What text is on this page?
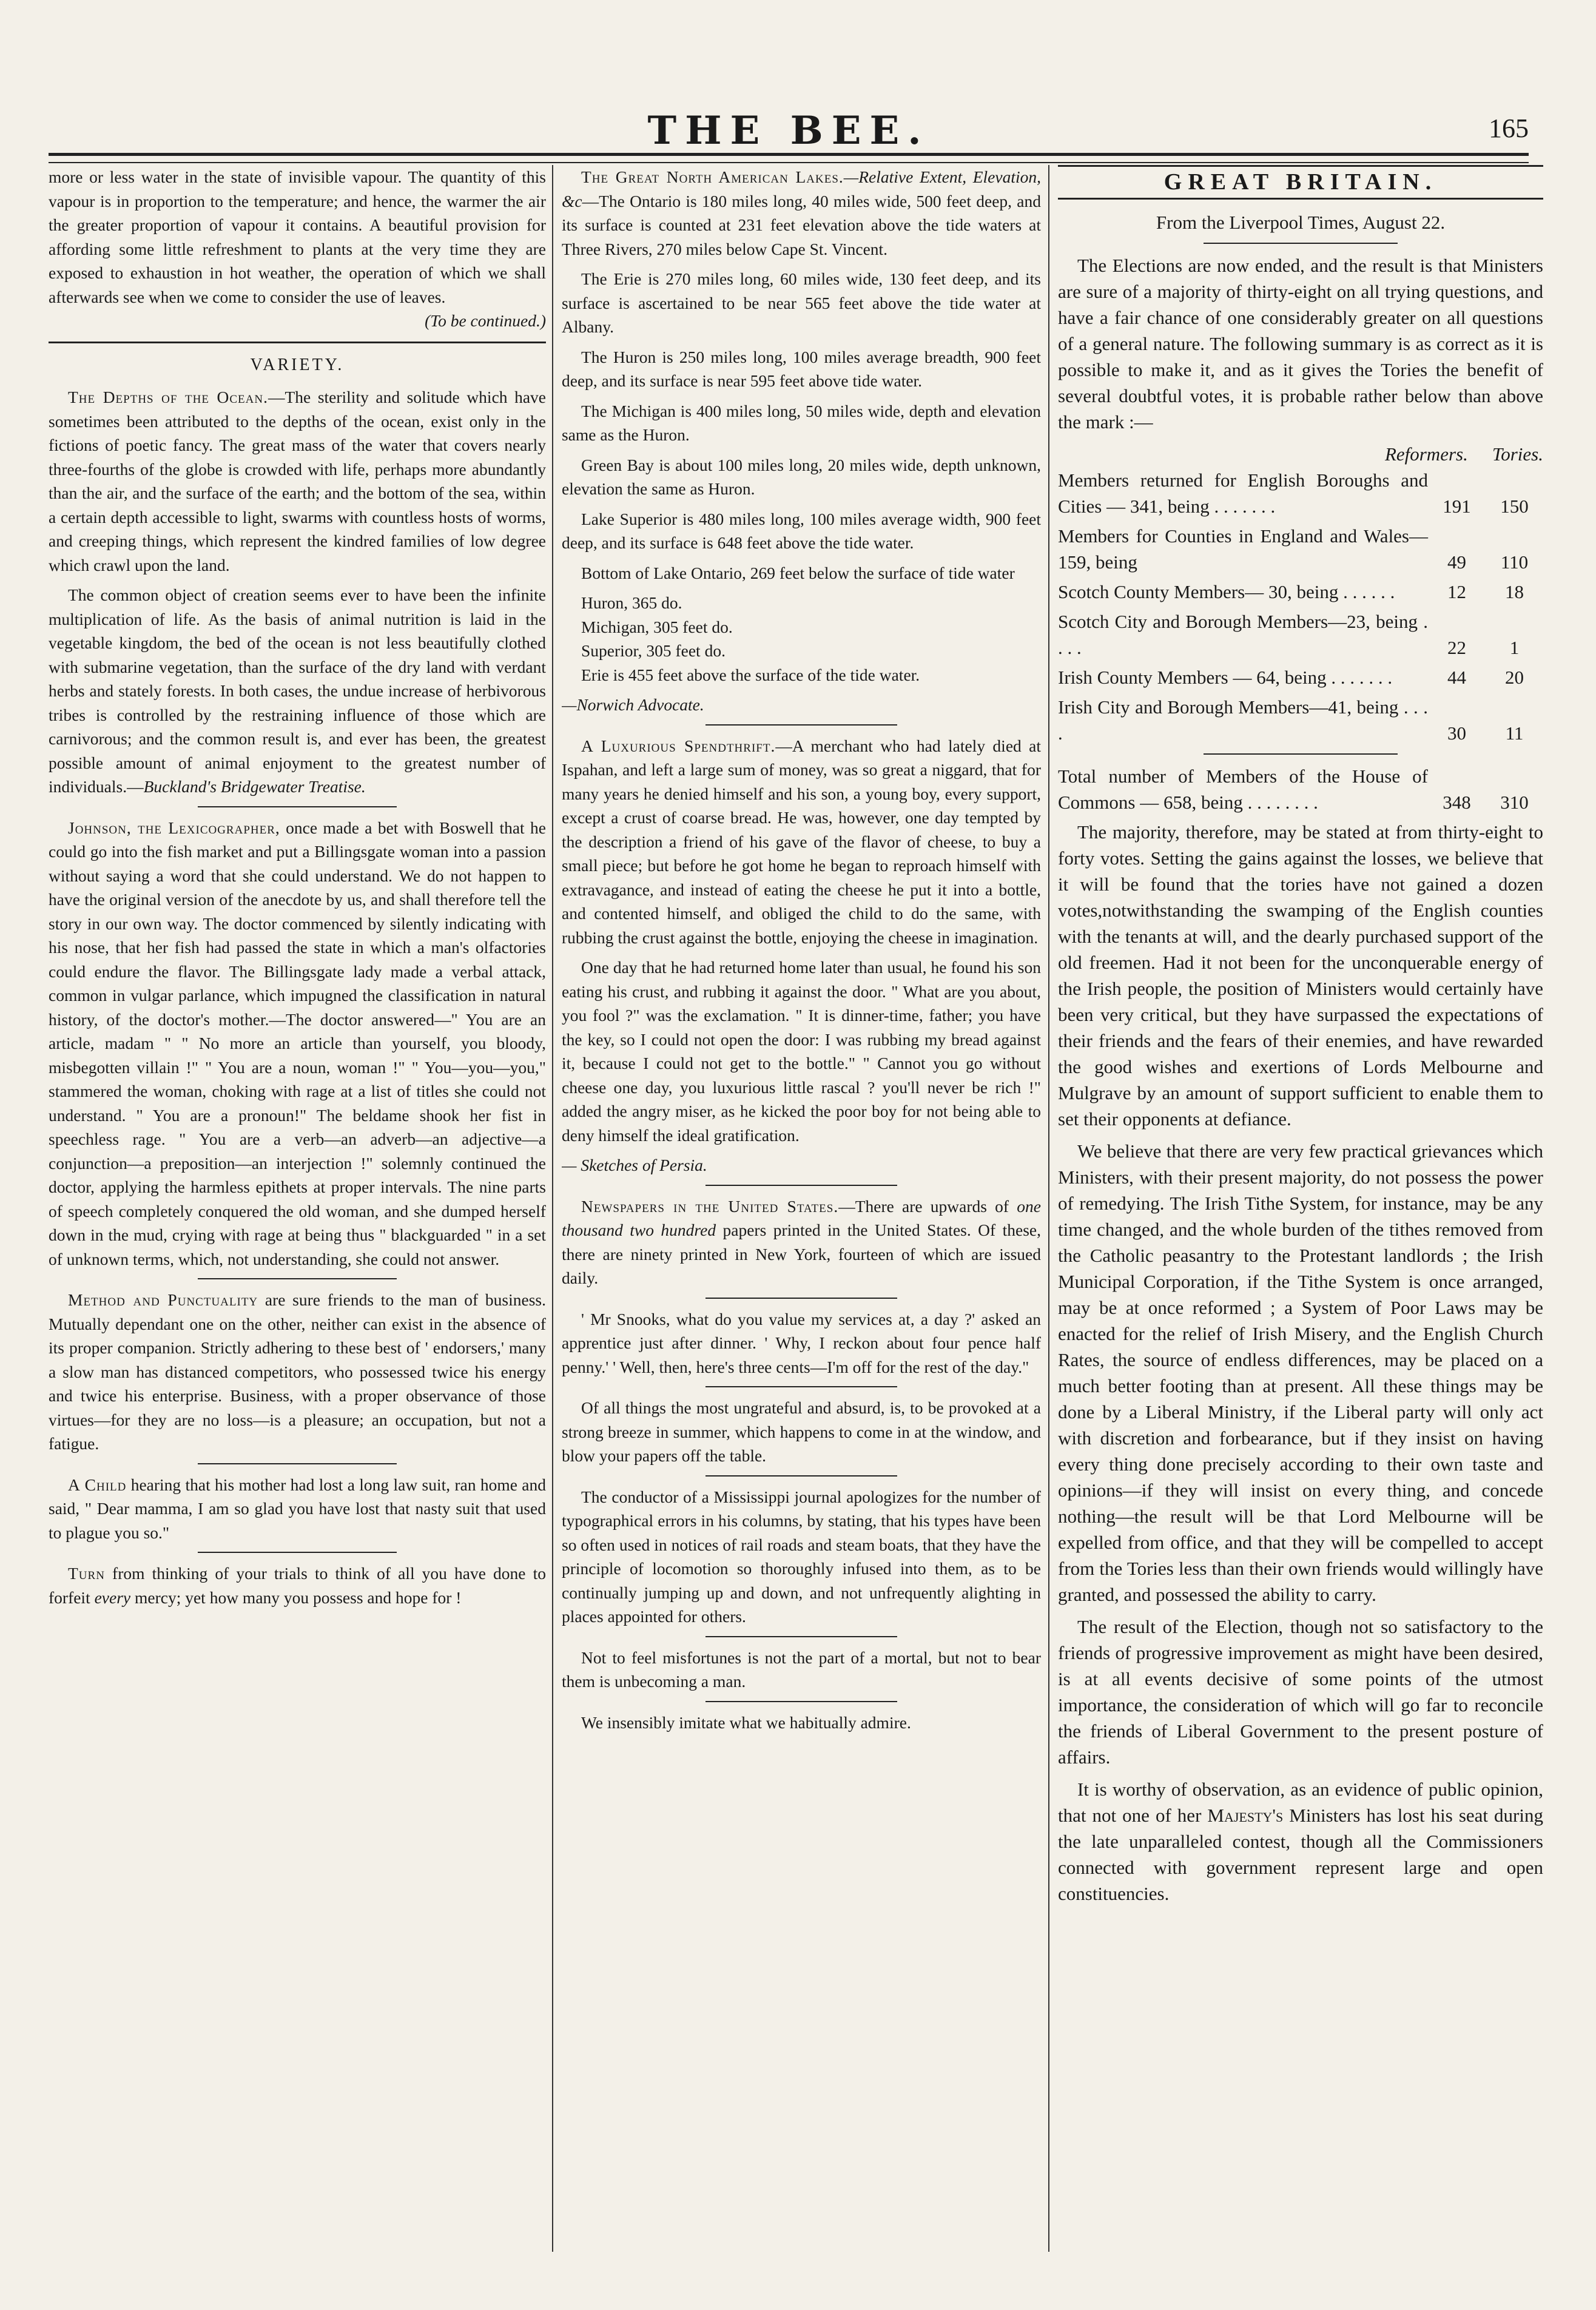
THE BEE.	165

more or less water in the state of invisible vapour. The quantity of this vapour is in proportion to the temperature; and hence, the warmer the air the greater proportion of vapour it contains. A beautiful provision for affording some little refreshment to plants at the very time they are exposed to exhaustion in hot weather, the operation of which we shall afterwards see when we come to consider the use of leaves.
(To be continued.)

VARIETY.

The Depths of the Ocean.—The sterility and solitude which have sometimes been attributed to the depths of the ocean, exist only in the fictions of poetic fancy. The great mass of the water that covers nearly three-fourths of the globe is crowded with life, perhaps more abundantly than the air, and the surface of the earth; and the bottom of the sea, within a certain depth accessible to light, swarms with countless hosts of worms, and creeping things, which represent the kindred families of low degree which crawl upon the land.

The common object of creation seems ever to have been the infinite multiplication of life. As the basis of animal nutrition is laid in the vegetable kingdom, the bed of the ocean is not less beautifully clothed with submarine vegetation, than the surface of the dry land with verdant herbs and stately forests. In both cases, the undue increase of herbivorous tribes is controlled by the restraining influence of those which are carnivorous; and the common result is, and ever has been, the greatest possible amount of animal enjoyment to the greatest number of individuals.—Buckland's Bridgewater Treatise.

Johnson, the Lexicographer, once made a bet with Boswell that he could go into the fish market and put a Billingsgate woman into a passion without saying a word that she could understand. We do not happen to have the original version of the anecdote by us, and shall therefore tell the story in our own way. The doctor commenced by silently indicating with his nose, that her fish had passed the state in which a man's olfactories could endure the flavor. The Billingsgate lady made a verbal attack, common in vulgar parlance, which impugned the classification in natural history, of the doctor's mother.—The doctor answered—" You are an article, madam " " No more an article than yourself, you bloody, misbegotten villain !" " You are a noun, woman !" " You—you—you," stammered the woman, choking with rage at a list of titles she could not understand. " You are a pronoun!" The beldame shook her fist in speechless rage. " You are a verb—an adverb—an adjective—a conjunction—a preposition—an interjection !" solemnly continued the doctor, applying the harmless epithets at proper intervals. The nine parts of speech completely conquered the old woman, and she dumped herself down in the mud, crying with rage at being thus " blackguarded " in a set of unknown terms, which, not understanding, she could not answer.

Method and Punctuality are sure friends to the man of business. Mutually dependant one on the other, neither can exist in the absence of its proper companion. Strictly adhering to these best of ' endorsers,' many a slow man has distanced competitors, who possessed twice his energy and twice his enterprise. Business, with a proper observance of those virtues—for they are no loss—is a pleasure; an occupation, but not a fatigue.

A Child hearing that his mother had lost a long law suit, ran home and said, " Dear mamma, I am so glad you have lost that nasty suit that used to plague you so."

Turn from thinking of your trials to think of all you have done to forfeit every mercy; yet how many you possess and hope for !

The Great North American Lakes.—Relative Extent, Elevation, &c—The Ontario is 180 miles long, 40 miles wide, 500 feet deep, and its surface is counted at 231 feet elevation above the tide waters at Three Rivers, 270 miles below Cape St. Vincent.

The Erie is 270 miles long, 60 miles wide, 130 feet deep, and its surface is ascertained to be near 565 feet above the tide water at Albany.

The Huron is 250 miles long, 100 miles average breadth, 900 feet deep, and its surface is near 595 feet above tide water.

The Michigan is 400 miles long, 50 miles wide, depth and elevation same as the Huron.

Green Bay is about 100 miles long, 20 miles wide, depth unknown, elevation the same as Huron.

Lake Superior is 480 miles long, 100 miles average width, 900 feet deep, and its surface is 648 feet above the tide water.

Bottom of Lake Ontario, 269 feet below the surface of tide water

Huron, 365 do.

Michigan, 305 feet do.

Superior, 305 feet do.

Erie is 455 feet above the surface of the tide water.

—Norwich Advocate.

A Luxurious Spendthrift.—A merchant who had lately died at Ispahan, and left a large sum of money, was so great a niggard, that for many years he denied himself and his son, a young boy, every support, except a crust of coarse bread. He was, however, one day tempted by the description a friend of his gave of the flavor of cheese, to buy a small piece; but before he got home he began to reproach himself with extravagance, and instead of eating the cheese he put it into a bottle, and contented himself, and obliged the child to do the same, with rubbing the crust against the bottle, enjoying the cheese in imagination.

One day that he had returned home later than usual, he found his son eating his crust, and rubbing it against the door. " What are you about, you fool ?" was the exclamation. " It is dinner-time, father; you have the key, so I could not open the door: I was rubbing my bread against it, because I could not get to the bottle." " Cannot you go without cheese one day, you luxurious little rascal ? you'll never be rich !" added the angry miser, as he kicked the poor boy for not being able to deny himself the ideal gratification.

— Sketches of Persia.

Newspapers in the United States.—There are upwards of one thousand two hundred papers printed in the United States. Of these, there are ninety printed in New York, fourteen of which are issued daily.

' Mr Snooks, what do you value my services at, a day ?' asked an apprentice just after dinner. ' Why, I reckon about four pence half penny.' ' Well, then, here's three cents—I'm off for the rest of the day."

Of all things the most ungrateful and absurd, is, to be provoked at a strong breeze in summer, which happens to come in at the window, and blow your papers off the table.

The conductor of a Mississippi journal apologizes for the number of typographical errors in his columns, by stating, that his types have been so often used in notices of rail roads and steam boats, that they have the principle of locomotion so thoroughly infused into them, as to be continually jumping up and down, and not unfrequently alighting in places appointed for others.

Not to feel misfortunes is not the part of a mortal, but not to bear them is unbecoming a man.

We insensibly imitate what we habitually admire.

GREAT BRITAIN.

From the Liverpool Times, August 22.

The Elections are now ended, and the result is that Ministers are sure of a majority of thirty-eight on all trying questions, and have a fair chance of one considerably greater on all questions of a general nature. The following summary is as correct as it is possible to make it, and as it gives the Tories the benefit of several doubtful votes, it is probable rather below than above the mark :—

Reformers. Tories.
Members returned for English Boroughs and Cities — 341, being . . . . . . .	191	150
Members for Counties in England and Wales—159, being	49	110
Scotch County Members— 30, being . . . . . .	12	18
Scotch City and Borough Members—23, being . . . .	22	1
Irish County Members — 64, being . . . . . . .	44	20
Irish City and Borough Members—41, being . . . .	30	11
Total number of Members of the House of Commons — 658, being . . . . . . . .	348	310

The majority, therefore, may be stated at from thirty-eight to forty votes. Setting the gains against the losses, we believe that it will be found that the tories have not gained a dozen votes,notwithstanding the swamping of the English counties with the tenants at will, and the dearly purchased support of the old freemen. Had it not been for the unconquerable energy of the Irish people, the position of Ministers would certainly have been very critical, but they have surpassed the expectations of their friends and the fears of their enemies, and have rewarded the good wishes and exertions of Lords Melbourne and Mulgrave by an amount of support sufficient to enable them to set their opponents at defiance.

We believe that there are very few practical grievances which Ministers, with their present majority, do not possess the power of remedying. The Irish Tithe System, for instance, may be any time changed, and the whole burden of the tithes removed from the Catholic peasantry to the Protestant landlords ; the Irish Municipal Corporation, if the Tithe System is once arranged, may be at once reformed ; a System of Poor Laws may be enacted for the relief of Irish Misery, and the English Church Rates, the source of endless differences, may be placed on a much better footing than at present. All these things may be done by a Liberal Ministry, if the Liberal party will only act with discretion and forbearance, but if they insist on having every thing done precisely according to their own taste and opinions—if they will insist on every thing, and concede nothing—the result will be that Lord Melbourne will be expelled from office, and that they will be compelled to accept from the Tories less than their own friends would willingly have granted, and possessed the ability to carry.

The result of the Election, though not so satisfactory to the friends of progressive improvement as might have been desired, is at all events decisive of some points of the utmost importance, the consideration of which will go far to reconcile the friends of Liberal Government to the present posture of affairs.

It is worthy of observation, as an evidence of public opinion, that not one of her Majesty's Ministers has lost his seat during the late unparalleled contest, though all the Commissioners connected with government represent large and open constituencies.
